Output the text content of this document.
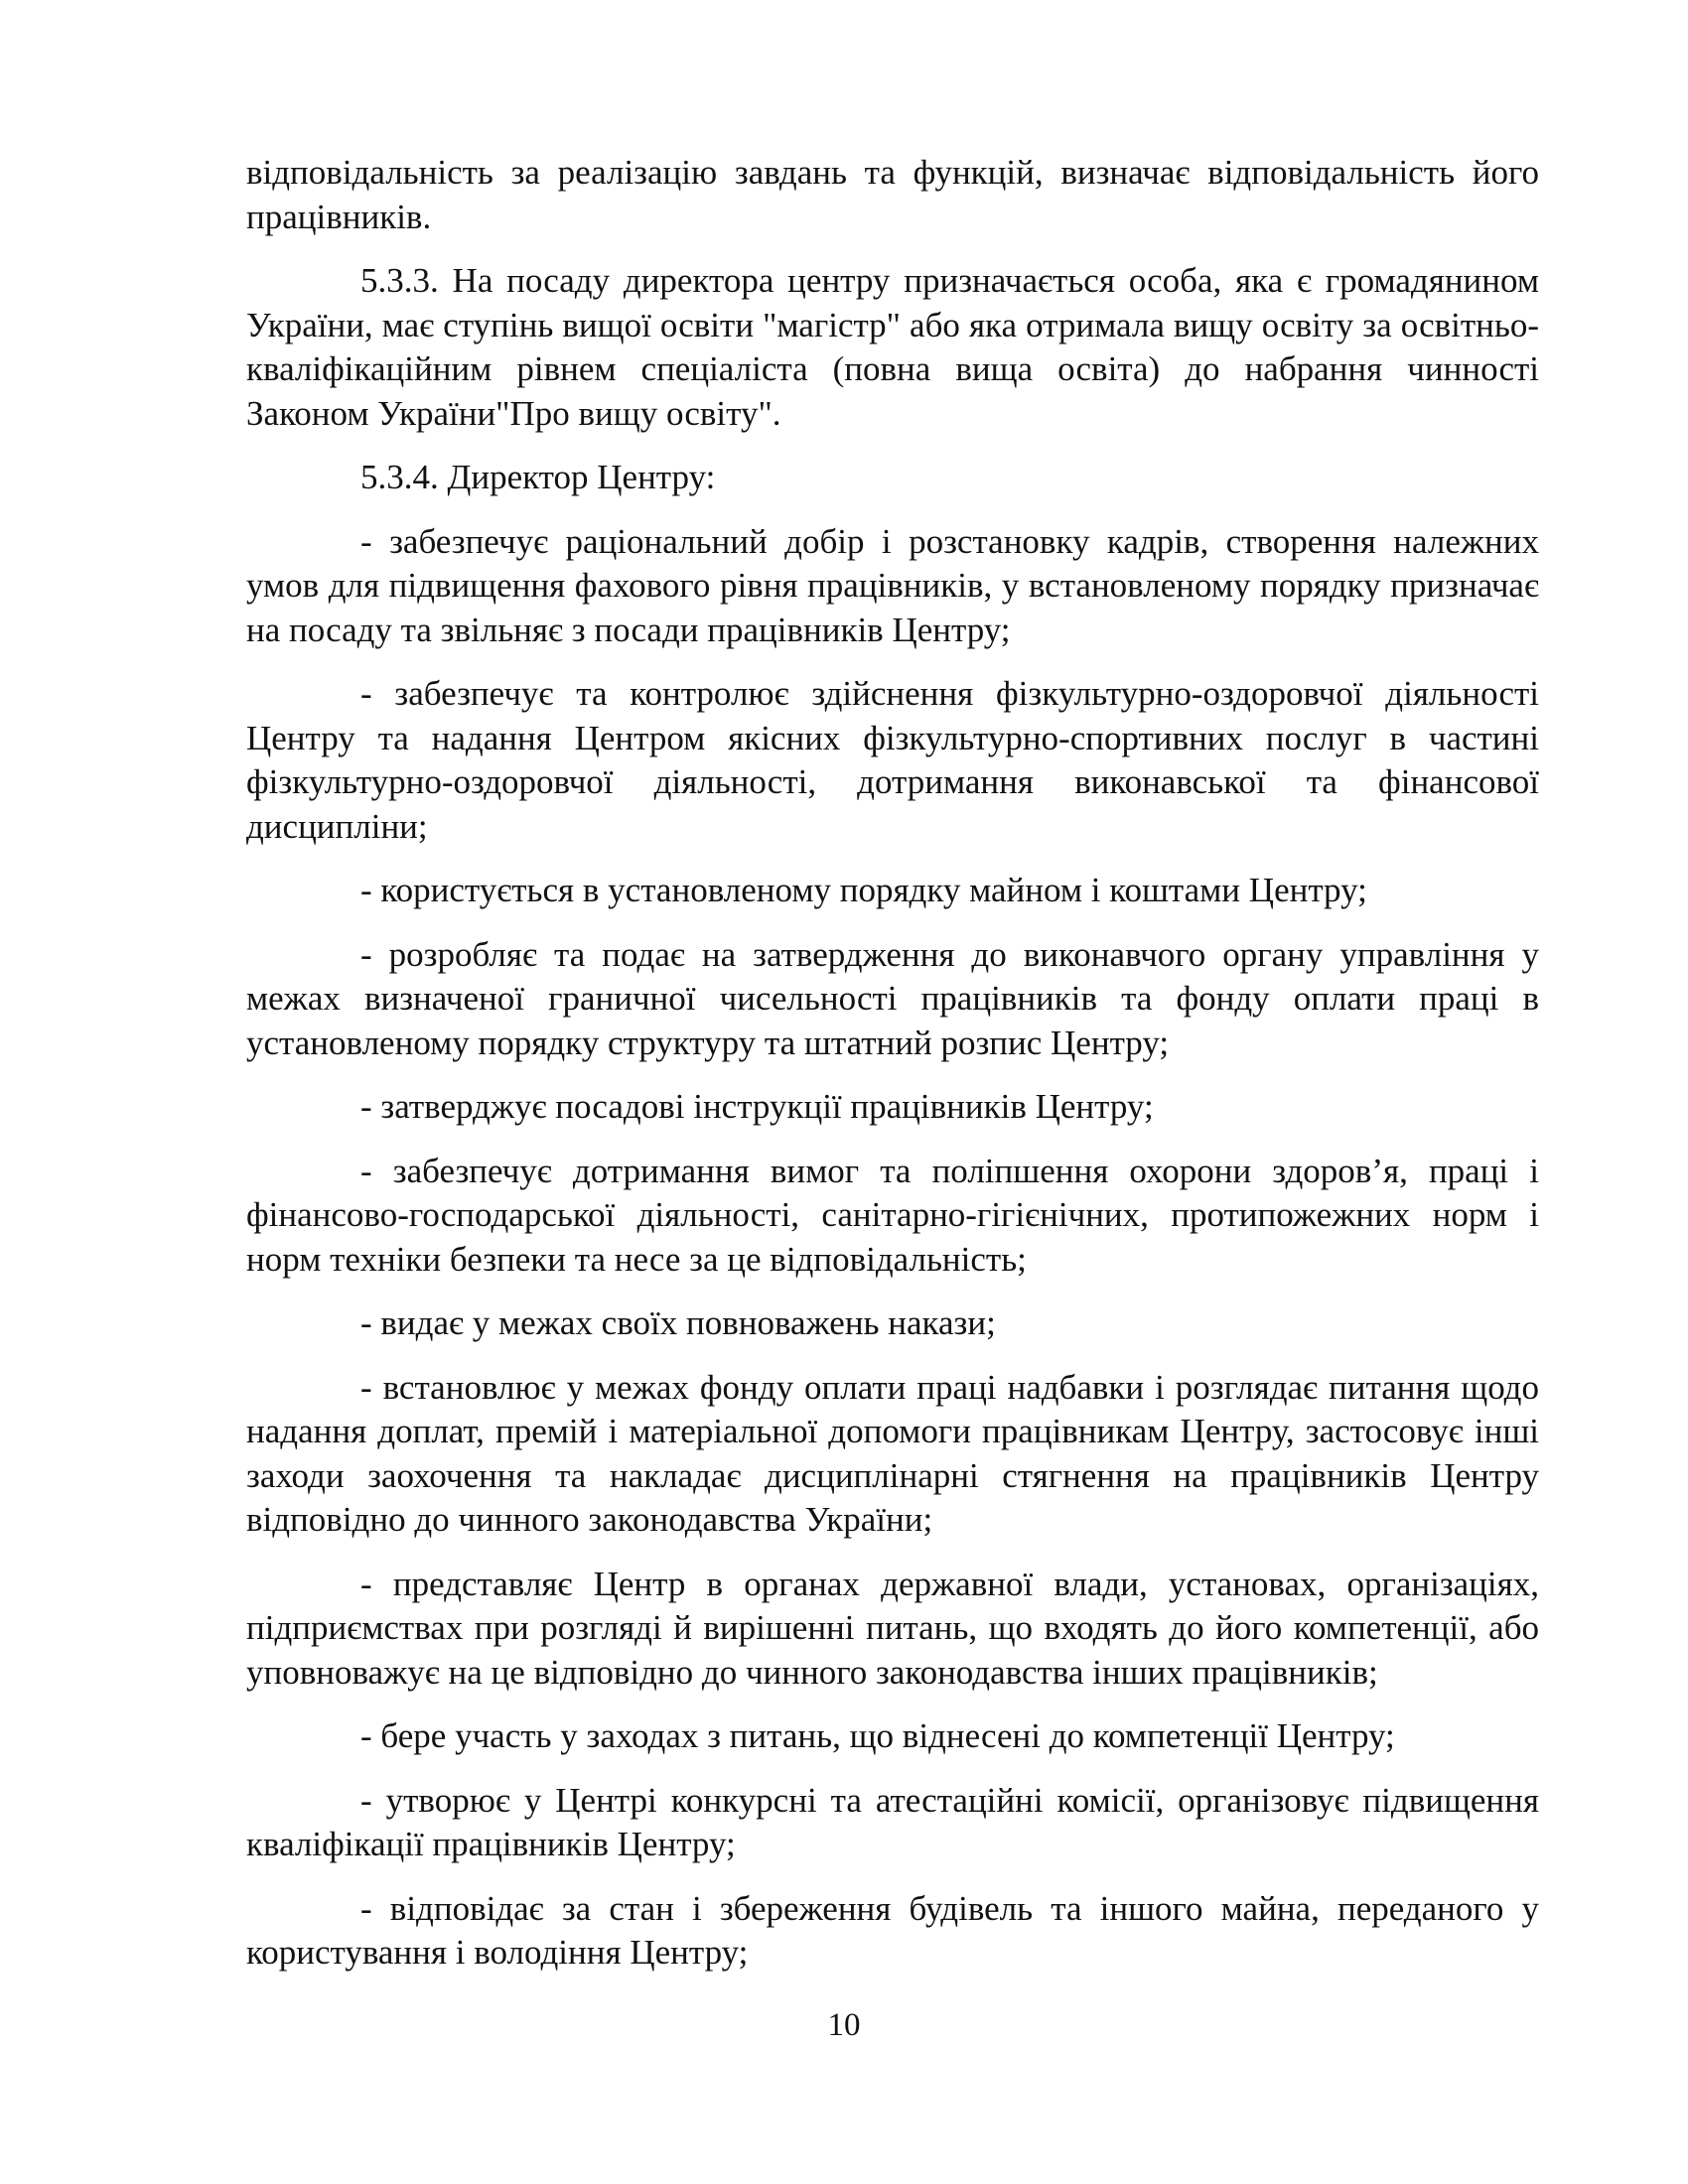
відповідальність за реалізацію завдань та функцій, визначає відповідальність його працівників.

5.3.3. На посаду директора центру призначається особа, яка є громадянином України, має ступінь вищої освіти "магістр" або яка отримала вищу освіту за освітньо-кваліфікаційним рівнем спеціаліста (повна вища освіта) до набрання чинності Законом України"Про вищу освіту".

5.3.4. Директор Центру:

- забезпечує раціональний добір і розстановку кадрів, створення належних умов для підвищення фахового рівня працівників, у встановленому порядку призначає на посаду та звільняє з посади працівників Центру;

- забезпечує та контролює здійснення фізкультурно-оздоровчої діяльності Центру та надання Центром якісних фізкультурно-спортивних послуг в частині фізкультурно-оздоровчої діяльності, дотримання виконавської та фінансової дисципліни;

- користується в установленому порядку майном і коштами Центру;

- розробляє та подає на затвердження до виконавчого органу управління у межах визначеної граничної чисельності працівників та фонду оплати праці в установленому порядку структуру та штатний розпис Центру;

- затверджує посадові інструкції працівників Центру;

- забезпечує дотримання вимог та поліпшення охорони здоров’я, праці і фінансово-господарської діяльності, санітарно-гігієнічних, протипожежних норм і норм техніки безпеки та несе за це відповідальність;

- видає у межах своїх повноважень накази;

- встановлює у межах фонду оплати праці надбавки і розглядає питання щодо надання доплат, премій і матеріальної допомоги працівникам Центру, застосовує інші заходи заохочення та накладає дисциплінарні стягнення на працівників Центру відповідно до чинного законодавства України;

- представляє Центр в органах державної влади, установах, організаціях, підприємствах при розгляді й вирішенні питань, що входять до його компетенції, або уповноважує на це відповідно до чинного законодавства інших працівників;

- бере участь у заходах з питань, що віднесені до компетенції Центру;

- утворює у Центрі конкурсні та атестаційні комісії, організовує підвищення кваліфікації працівників Центру;

- відповідає за стан і збереження будівель та іншого майна, переданого у користування і володіння Центру;

10
